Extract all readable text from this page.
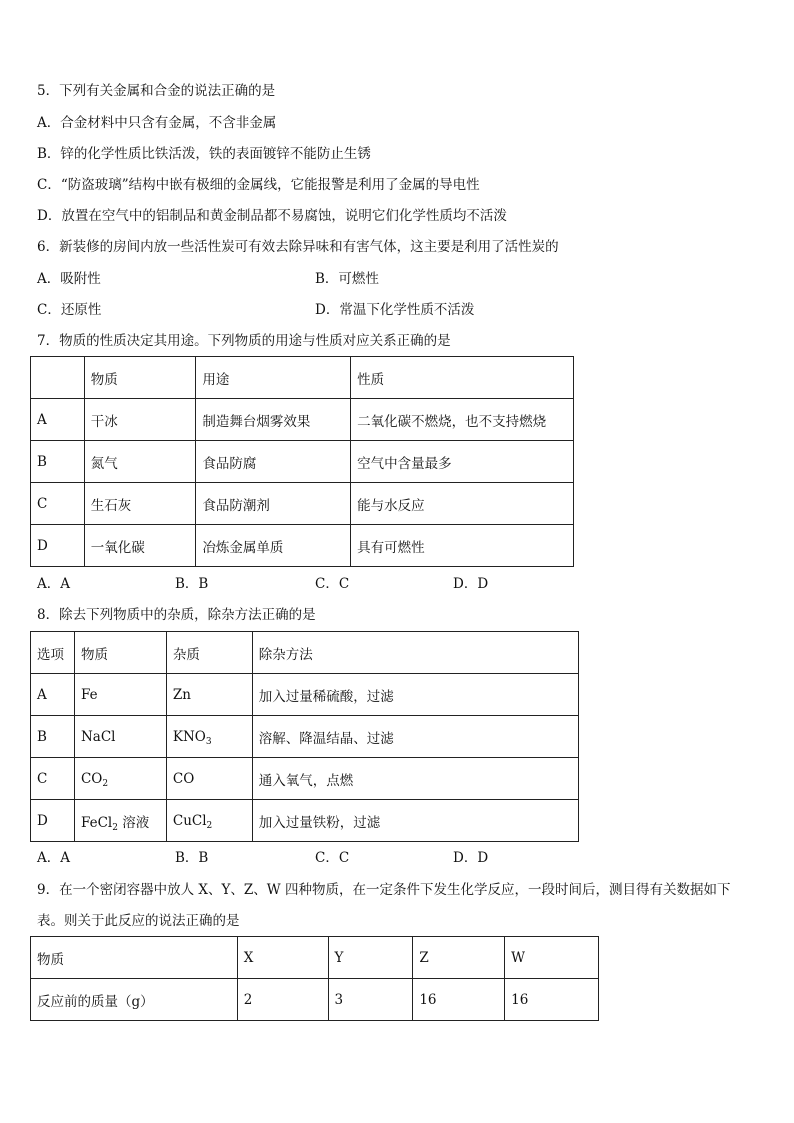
5．下列有关金属和合金的说法正确的是
A．合金材料中只含有金属，不含非金属
B．锌的化学性质比铁活泼，铁的表面镀锌不能防止生锈
C．“防盗玻璃”结构中嵌有极细的金属线，它能报警是利用了金属的导电性
D．放置在空气中的铝制品和黄金制品都不易腐蚀，说明它们化学性质均不活泼
6．新装修的房间内放一些活性炭可有效去除异味和有害气体，这主要是利用了活性炭的
A．吸附性	B．可燃性
C．还原性	D．常温下化学性质不活泼
7．物质的性质决定其用途。下列物质的用途与性质对应关系正确的是
	物质	用途	性质
A	干冰	制造舞台烟雾效果	二氧化碳不燃烧，也不支持燃烧
B	氮气	食品防腐	空气中含量最多
C	生石灰	食品防潮剂	能与水反应
D	一氧化碳	冶炼金属单质	具有可燃性
A．A	B．B	C．C	D．D
8．除去下列物质中的杂质，除杂方法正确的是
选项	物质	杂质	除杂方法
A	Fe	Zn	加入过量稀硫酸，过滤
B	NaCl	$KNO_3$	溶解、降温结晶、过滤
C	$CO_2$	CO	通入氧气，点燃
D	FeCl$_2$ 溶液	CuCl$_2$	加入过量铁粉，过滤
A．A	B．B	C．C	D．D
9．在一个密闭容器中放人 X、Y、Z、W 四种物质，在一定条件下发生化学反应，一段时间后，测目得有关数据如下
表。则关于此反应的说法正确的是
物质	X	Y	Z	W
反应前的质量（g）	2	3	16	16
